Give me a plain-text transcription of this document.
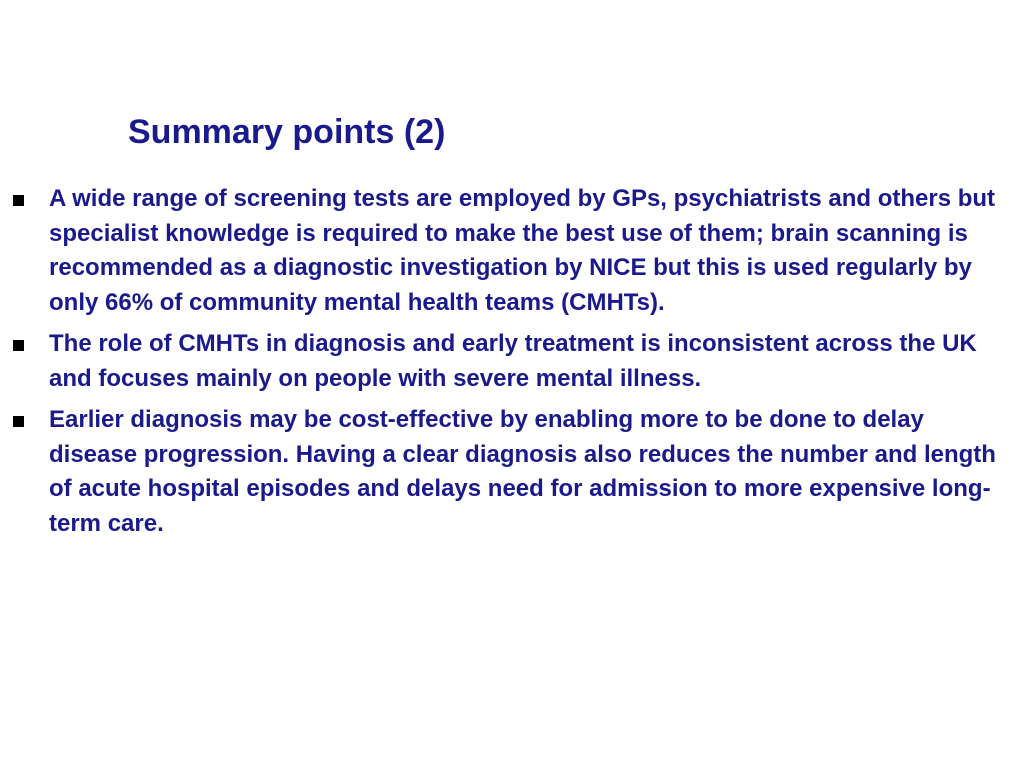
Summary points (2)
A wide range of screening tests are employed by GPs, psychiatrists and others but specialist knowledge is required to make the best use of them; brain scanning is recommended as a diagnostic investigation by NICE but this is used regularly by only 66% of community mental health teams (CMHTs).
The role of CMHTs in diagnosis and early treatment is inconsistent across the UK and focuses mainly on people with severe mental illness.
Earlier diagnosis may be cost-effective by enabling more to be done to delay disease progression. Having a clear diagnosis also reduces the number and length of acute hospital episodes and delays need for admission to more expensive long-term care.
